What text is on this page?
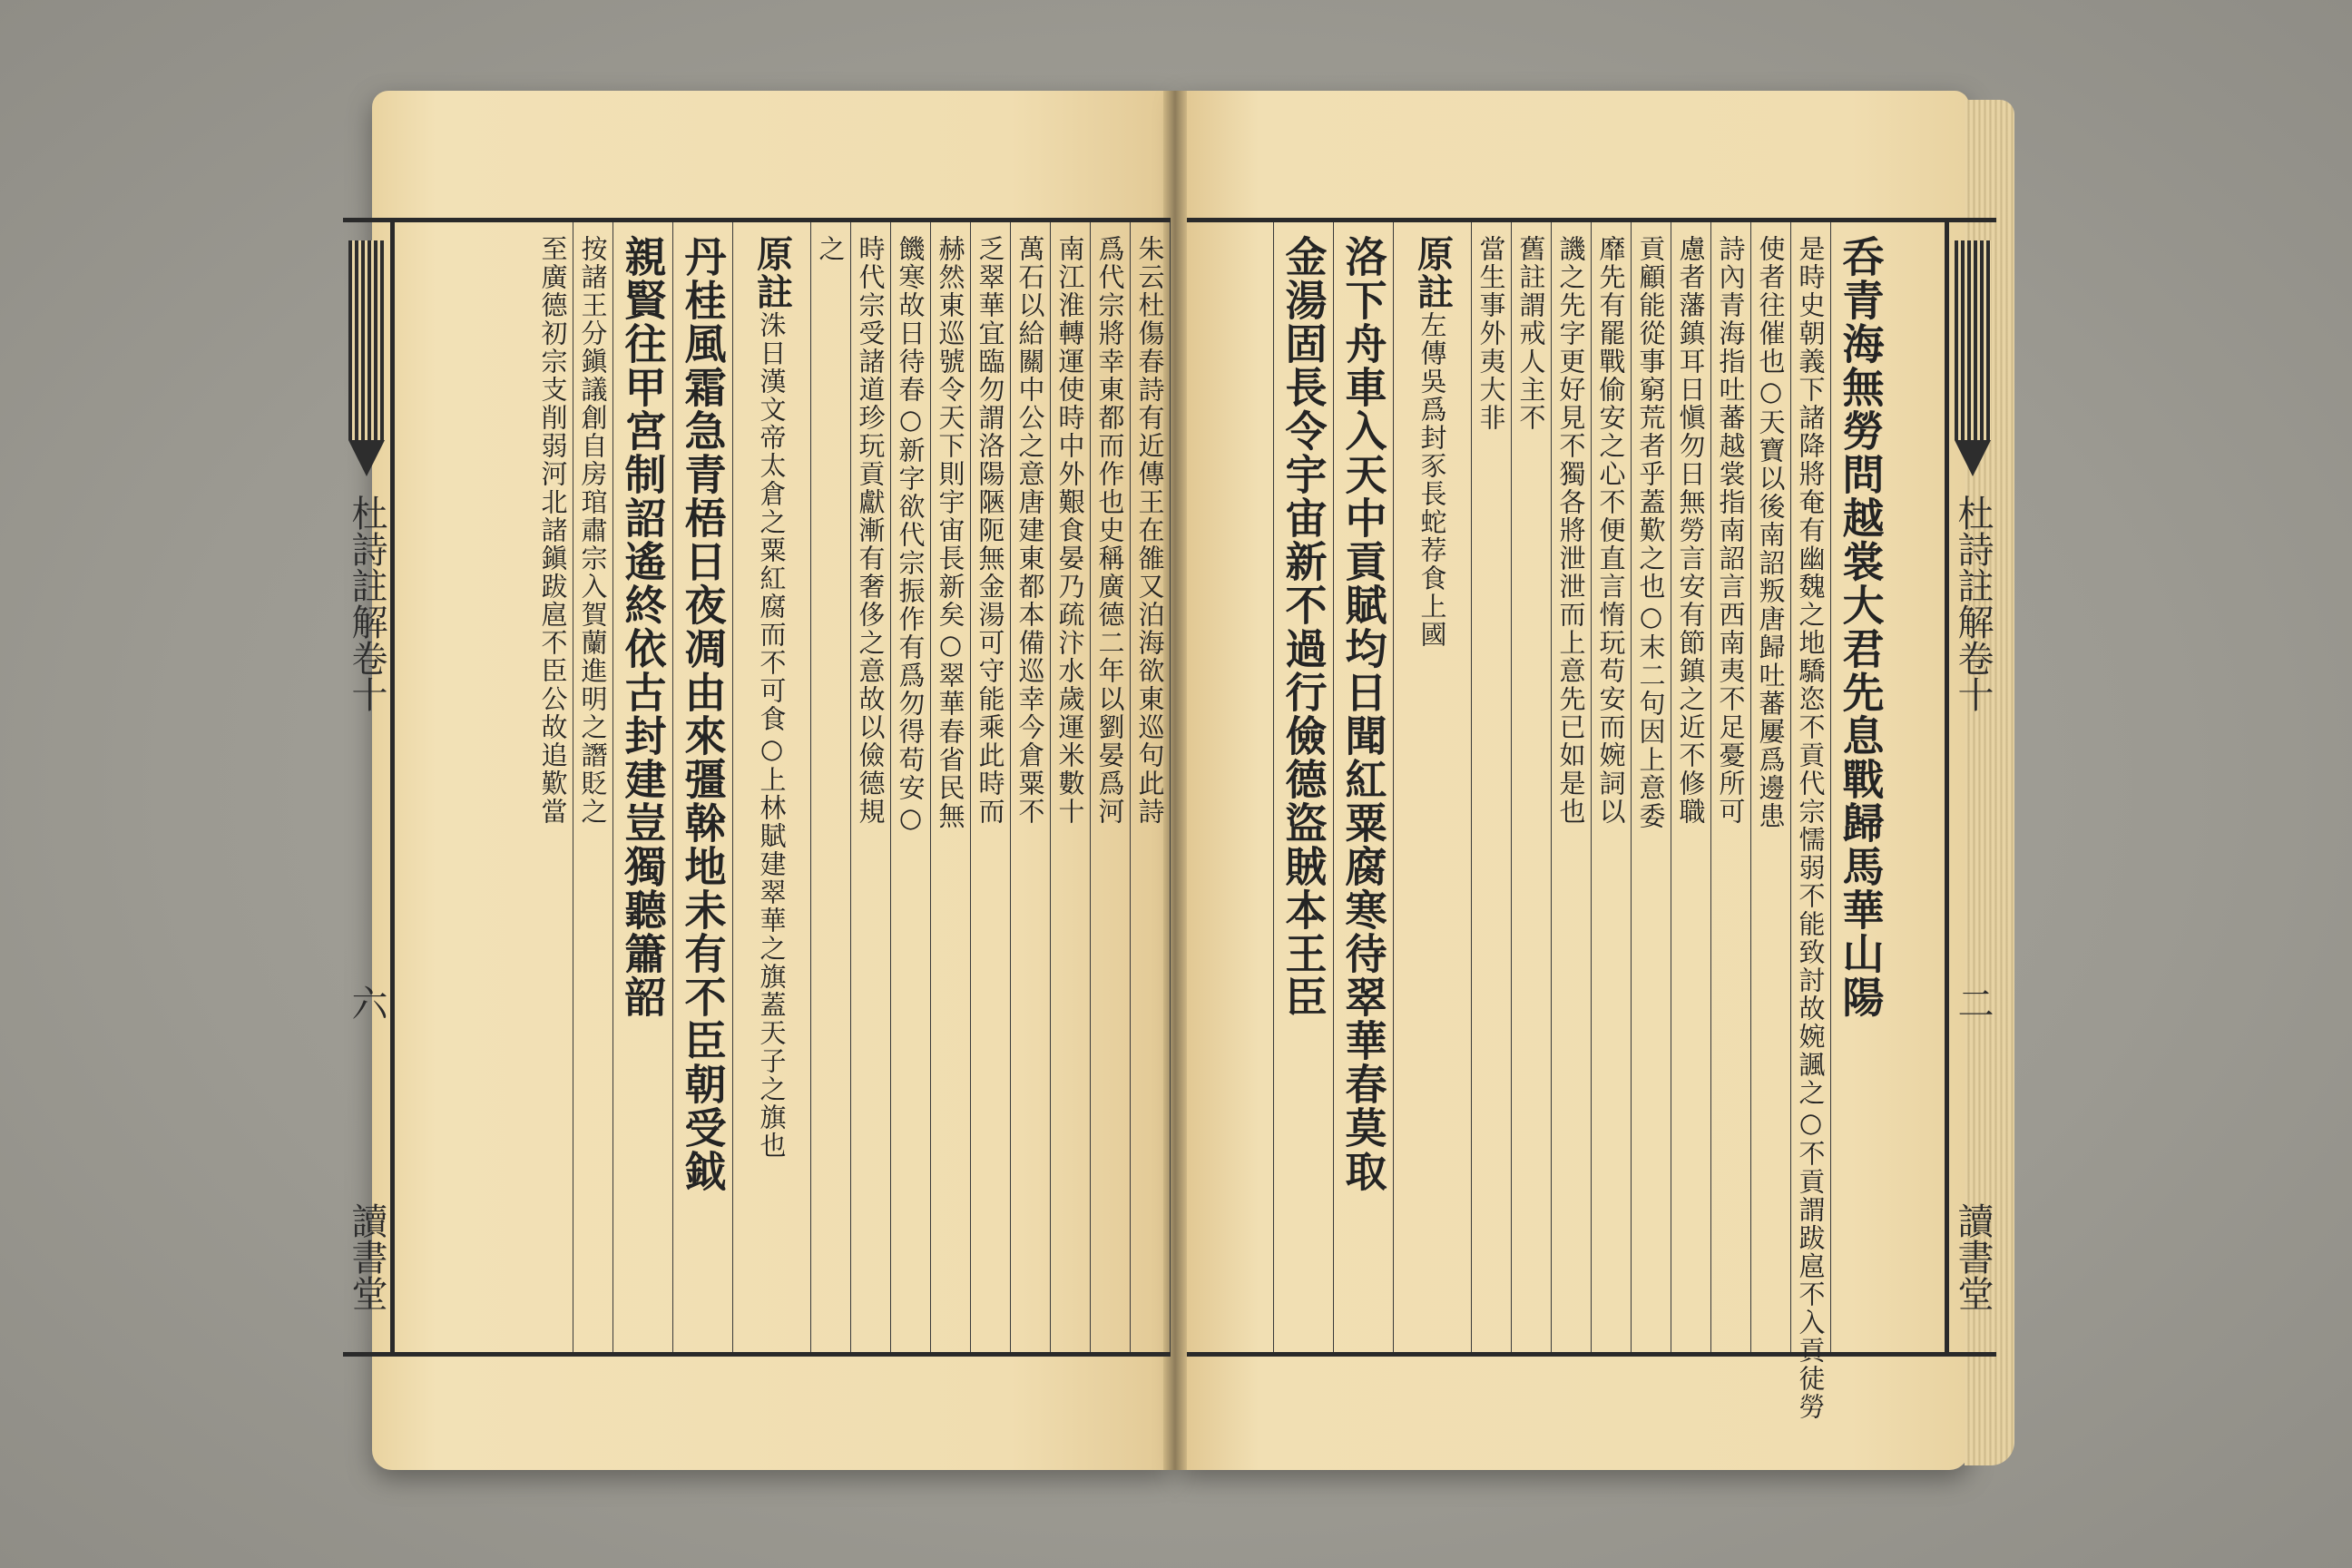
杜詩註解卷十
二
讀書堂
杜詩註解卷十
六
讀書堂
呑青海無勞問越裳大君先息戰歸馬華山陽
是時史朝義下諸降將奄有幽魏之地驕恣不貢代宗懦弱不能致討故婉諷之○不貢謂跋扈不入貢徒勞
使者往催也○天寶以後南詔叛唐歸吐蕃屢爲邊患
詩內青海指吐蕃越裳指南詔言西南夷不足憂所可
慮者藩鎮耳日愼勿日無勞言安有節鎮之近不修職
貢顧能從事窮荒者乎蓋歎之也○末二句因上意委
靡先有罷戰偷安之心不便直言惰玩苟安而婉詞以
譏之先字更好見不獨各將泄泄而上意先已如是也
舊註謂戒人主不
當生事外夷大非
原註左傳吳爲封豕長蛇荐食上國
洛下舟車入天中貢賦均日聞紅粟腐寒待翠華春莫取
金湯固長令宇宙新不過行儉德盜賊本王臣
朱云杜傷春詩有近傳王在雒又泊海欲東巡句此詩
爲代宗將幸東都而作也史稱廣德二年以劉晏爲河
南江淮轉運使時中外艱食晏乃疏汴水歲運米數十
萬石以給關中公之意唐建東都本備巡幸今倉粟不
乏翠華宜臨勿謂洛陽陿阨無金湯可守能乘此時而
赫然東巡號令天下則宇宙長新矣○翠華春省民無
饑寒故日待春○新字欲代宗振作有爲勿得苟安○
時代宗受諸道珍玩貢獻漸有奢侈之意故以儉德規
之
原註洙日漢文帝太倉之粟紅腐而不可食○上林賦建翠華之旗蓋天子之旗也
丹桂風霜急青梧日夜凋由來彊榦地未有不臣朝受鉞
親賢往甲宮制詔遙終依古封建豈獨聽簫韶
按諸王分鎭議創自房琯肅宗入賀蘭進明之譖貶之
至廣德初宗支削弱河北諸鎭跋扈不臣公故追歎當
